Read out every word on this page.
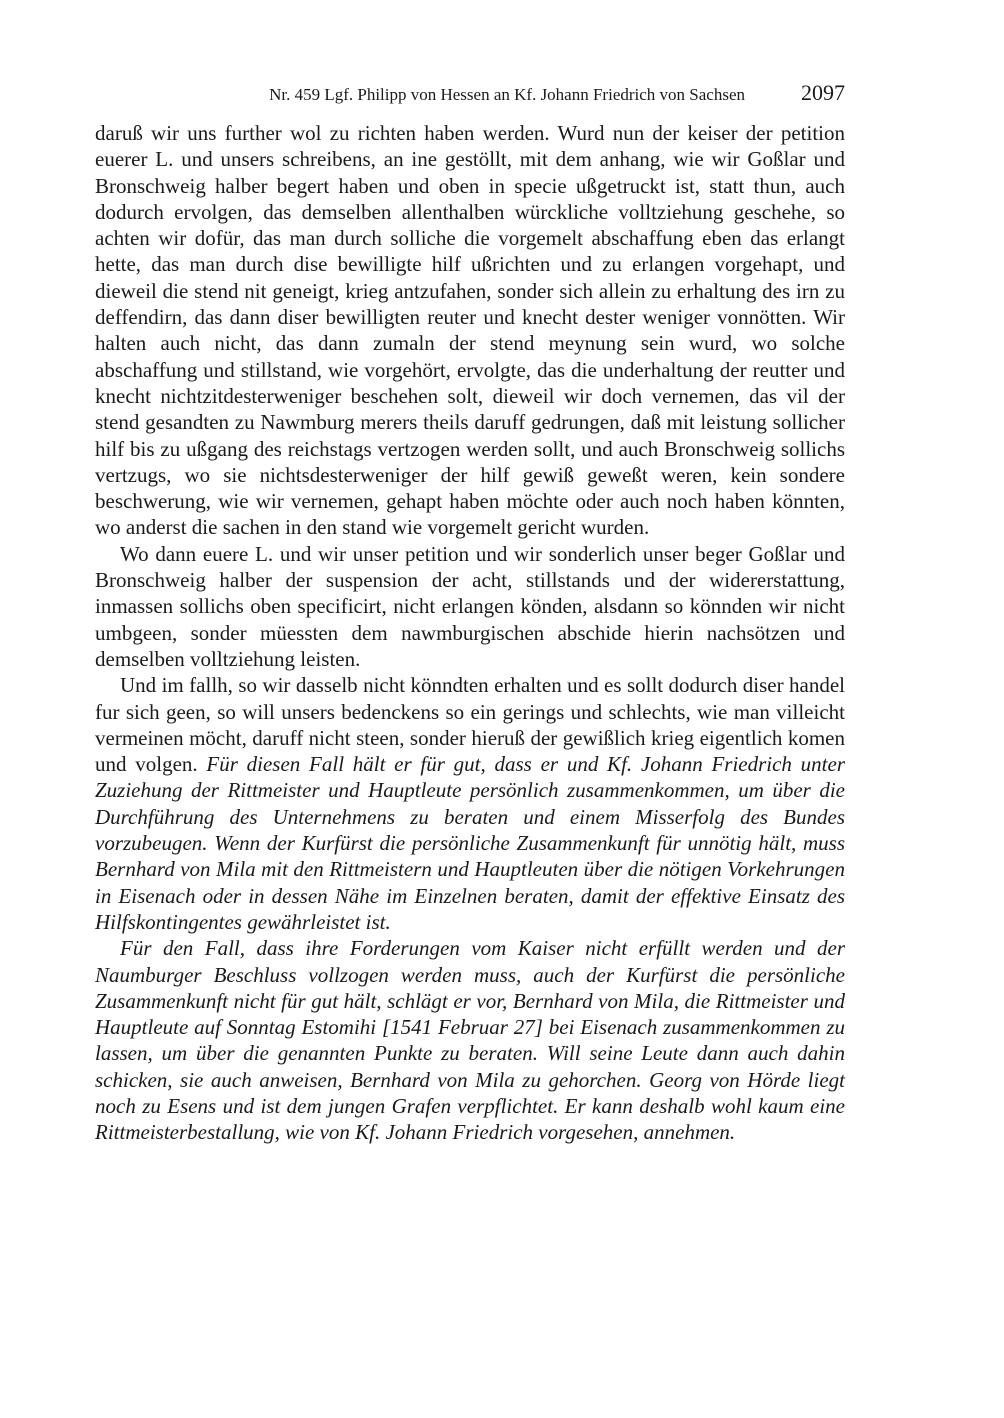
Nr. 459 Lgf. Philipp von Hessen an Kf. Johann Friedrich von Sachsen	2097

daruß wir uns further wol zu richten haben werden. Wurd nun der keiser der petition euerer L. und unsers schreibens, an ine gestöllt, mit dem anhang, wie wir Goßlar und Bronschweig halber begert haben und oben in specie ußgetruckt ist, statt thun, auch dodurch ervolgen, das demselben allenthalben würckliche volltziehung geschehe, so achten wir dofür, das man durch solliche die vorgemelt abschaffung eben das erlangt hette, das man durch dise bewilligte hilf ußrichten und zu erlangen vorgehapt, und dieweil die stend nit geneigt, krieg antzufahen, sonder sich allein zu erhaltung des irn zu deffendirn, das dann diser bewilligten reuter und knecht dester weniger vonnötten. Wir halten auch nicht, das dann zumaln der stend meynung sein wurd, wo solche abschaffung und stillstand, wie vorgehört, ervolgte, das die underhaltung der reutter und knecht nichtzitdesterweniger beschehen solt, dieweil wir doch vernemen, das vil der stend gesandten zu Nawmburg merers theils daruff gedrungen, daß mit leistung sollicher hilf bis zu ußgang des reichstags vertzogen werden sollt, und auch Bronschweig sollichs vertzugs, wo sie nichtsdesterweniger der hilf gewiß geweßt weren, kein sondere beschwerung, wie wir vernemen, gehapt haben möchte oder auch noch haben könnten, wo anderst die sachen in den stand wie vorgemelt gericht wurden.

Wo dann euere L. und wir unser petition und wir sonderlich unser beger Goßlar und Bronschweig halber der suspension der acht, stillstands und der widererstattung, inmassen sollichs oben specificirt, nicht erlangen könden, alsdann so könnden wir nicht umbgeen, sonder müessten dem nawmburgischen abschide hierin nachsötzen und demselben volltziehung leisten.

Und im fallh, so wir dasselb nicht könndten erhalten und es sollt dodurch diser handel fur sich geen, so will unsers bedenckens so ein gerings und schlechts, wie man villeicht vermeinen möcht, daruff nicht steen, sonder hieruß der gewißlich krieg eigentlich komen und volgen. Für diesen Fall hält er für gut, dass er und Kf. Johann Friedrich unter Zuziehung der Rittmeister und Hauptleute persönlich zusammenkommen, um über die Durchführung des Unternehmens zu beraten und einem Misserfolg des Bundes vorzubeugen. Wenn der Kurfürst die persönliche Zusammenkunft für unnötig hält, muss Bernhard von Mila mit den Rittmeistern und Hauptleuten über die nötigen Vorkehrungen in Eisenach oder in dessen Nähe im Einzelnen beraten, damit der effektive Einsatz des Hilfskontingentes gewährleistet ist.

Für den Fall, dass ihre Forderungen vom Kaiser nicht erfüllt werden und der Naumburger Beschluss vollzogen werden muss, auch der Kurfürst die persönliche Zusammenkunft nicht für gut hält, schlägt er vor, Bernhard von Mila, die Rittmeister und Hauptleute auf Sonntag Estomihi [1541 Februar 27] bei Eisenach zusammenkommen zu lassen, um über die genannten Punkte zu beraten. Will seine Leute dann auch dahin schicken, sie auch anweisen, Bernhard von Mila zu gehorchen. Georg von Hörde liegt noch zu Esens und ist dem jungen Grafen verpflichtet. Er kann deshalb wohl kaum eine Rittmeisterbestallung, wie von Kf. Johann Friedrich vorgesehen, annehmen.
